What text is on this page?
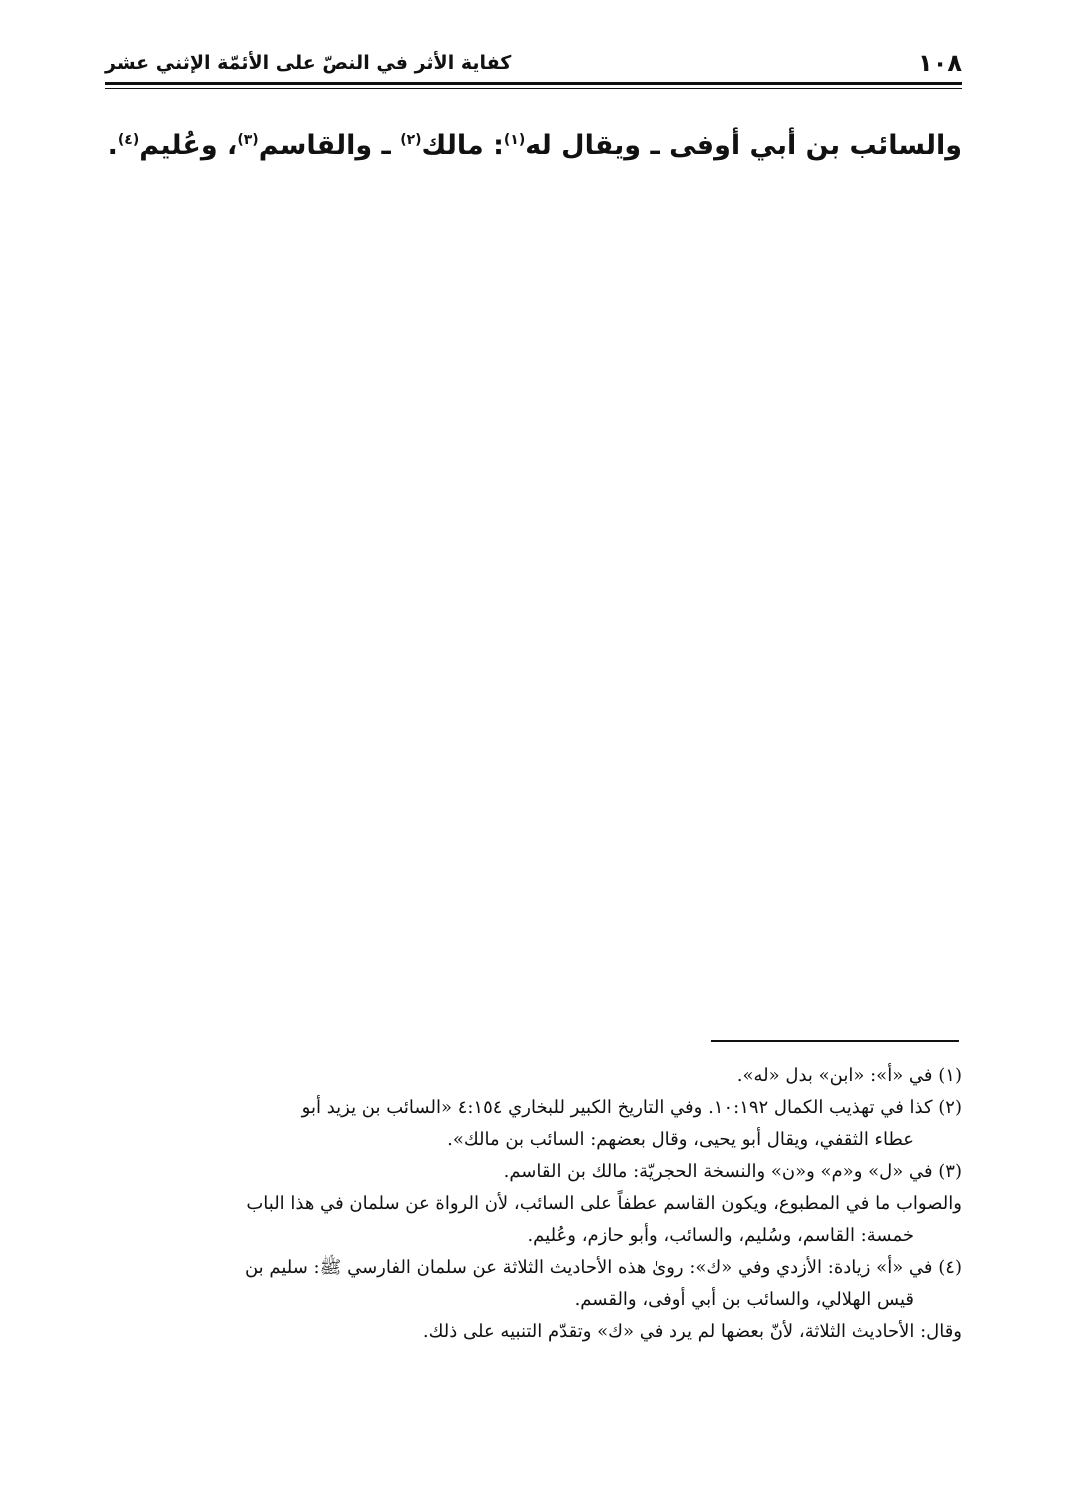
١٠٨
كفاية الأثر في النصّ على الأئمّة الإثني عشر
والسائب بن أبي أوفى ـ ويقال له$^{(١)}$: مالك$^{(٢)}$ ـ والقاسم$^{(٣)}$، وعُليم$^{(٤)}$.
(١) في «أ»: «ابن» بدل «له».
(٢) كذا في تهذيب الكمال ١٠:١٩٢. وفي التاريخ الكبير للبخاري ٤:١٥٤ «السائب بن يزيد أبو
عطاء الثقفي، ويقال أبو يحيى، وقال بعضهم: السائب بن مالك».
(٣) في «ل» و«م» و«ن» والنسخة الحجريّة: مالك بن القاسم.
والصواب ما في المطبوع، ويكون القاسم عطفاً على السائب، لأن الرواة عن سلمان في هذا الباب
خمسة: القاسم، وسُليم، والسائب، وأبو حازم، وعُليم.
(٤) في «أ» زيادة: الأزدي وفي «ك»: روىٰ هذه الأحاديث الثلاثة عن سلمان الفارسي ﷺ: سليم بن
قيس الهلالي، والسائب بن أبي أوفى، والقسم.
وقال: الأحاديث الثلاثة، لأنّ بعضها لم يرد في «ك» وتقدّم التنبيه على ذلك.
